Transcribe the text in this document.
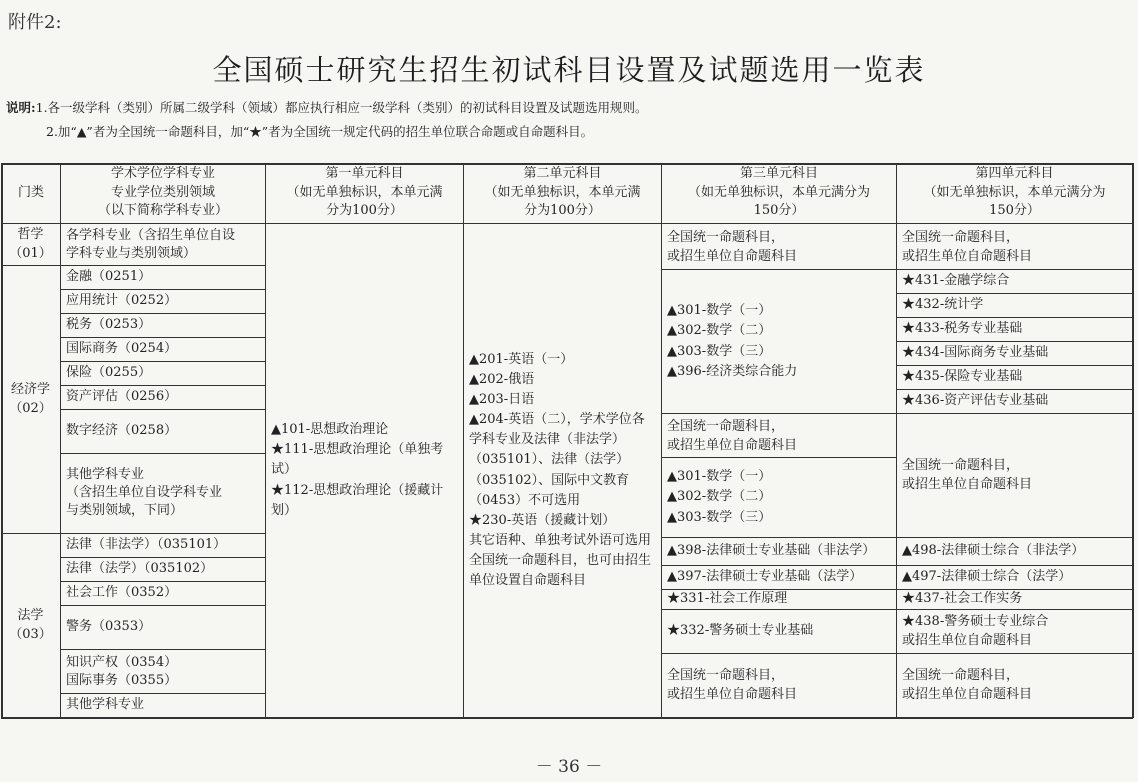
附件2:
全国硕士研究生招生初试科目设置及试题选用一览表
说明:1.各一级学科（类别）所属二级学科（领域）都应执行相应一级学科（类别）的初试科目设置及试题选用规则。
2.加“▲”者为全国统一命题科目，加“★”者为全国统一规定代码的招生单位联合命题或自命题科目。
门类
学术学位学科专业
专业学位类别领域
（以下简称学科专业）
第一单元科目
（如无单独标识，本单元满
分为100分）
第二单元科目
（如无单独标识，本单元满
分为100分）
第三单元科目
（如无单独标识，本单元满分为
150分）
第四单元科目
（如无单独标识，本单元满分为
150分）
哲学
（01）
经济学
（02）
法学
（03）
各学科专业（含招生单位自设
学科专业与类别领域）
金融（0251）
应用统计（0252）
税务（0253）
国际商务（0254）
保险（0255）
资产评估（0256）
数字经济（0258）
其他学科专业
（含招生单位自设学科专业
与类别领域，下同）
法律（非法学）（035101）
法律（法学）（035102）
社会工作（0352）
警务（0353）
知识产权（0354）
国际事务（0355）
其他学科专业
▲101-思想政治理论
★111-思想政治理论（单独考试）
★112-思想政治理论（援藏计划）
▲201-英语（一）
▲202-俄语
▲203-日语
▲204-英语（二），学术学位各学科专业及法律（非法学）（035101）、法律（法学）（035102）、国际中文教育（0453）不可选用
★230-英语（援藏计划）
其它语种、单独考试外语可选用全国统一命题科目，也可由招生单位设置自命题科目
全国统一命题科目，
或招生单位自命题科目
▲301-数学（一）
▲302-数学（二）
▲303-数学（三）
▲396-经济类综合能力
全国统一命题科目，
或招生单位自命题科目
▲301-数学（一）
▲302-数学（二）
▲303-数学（三）
▲398-法律硕士专业基础（非法学）
▲397-法律硕士专业基础（法学）
★331-社会工作原理
★332-警务硕士专业基础
全国统一命题科目，
或招生单位自命题科目
全国统一命题科目，
或招生单位自命题科目
★431-金融学综合
★432-统计学
★433-税务专业基础
★434-国际商务专业基础
★435-保险专业基础
★436-资产评估专业基础
全国统一命题科目，
或招生单位自命题科目
▲498-法律硕士综合（非法学）
▲497-法律硕士综合（法学）
★437-社会工作实务
★438-警务硕士专业综合
或招生单位自命题科目
全国统一命题科目，
或招生单位自命题科目
－ 36 －
